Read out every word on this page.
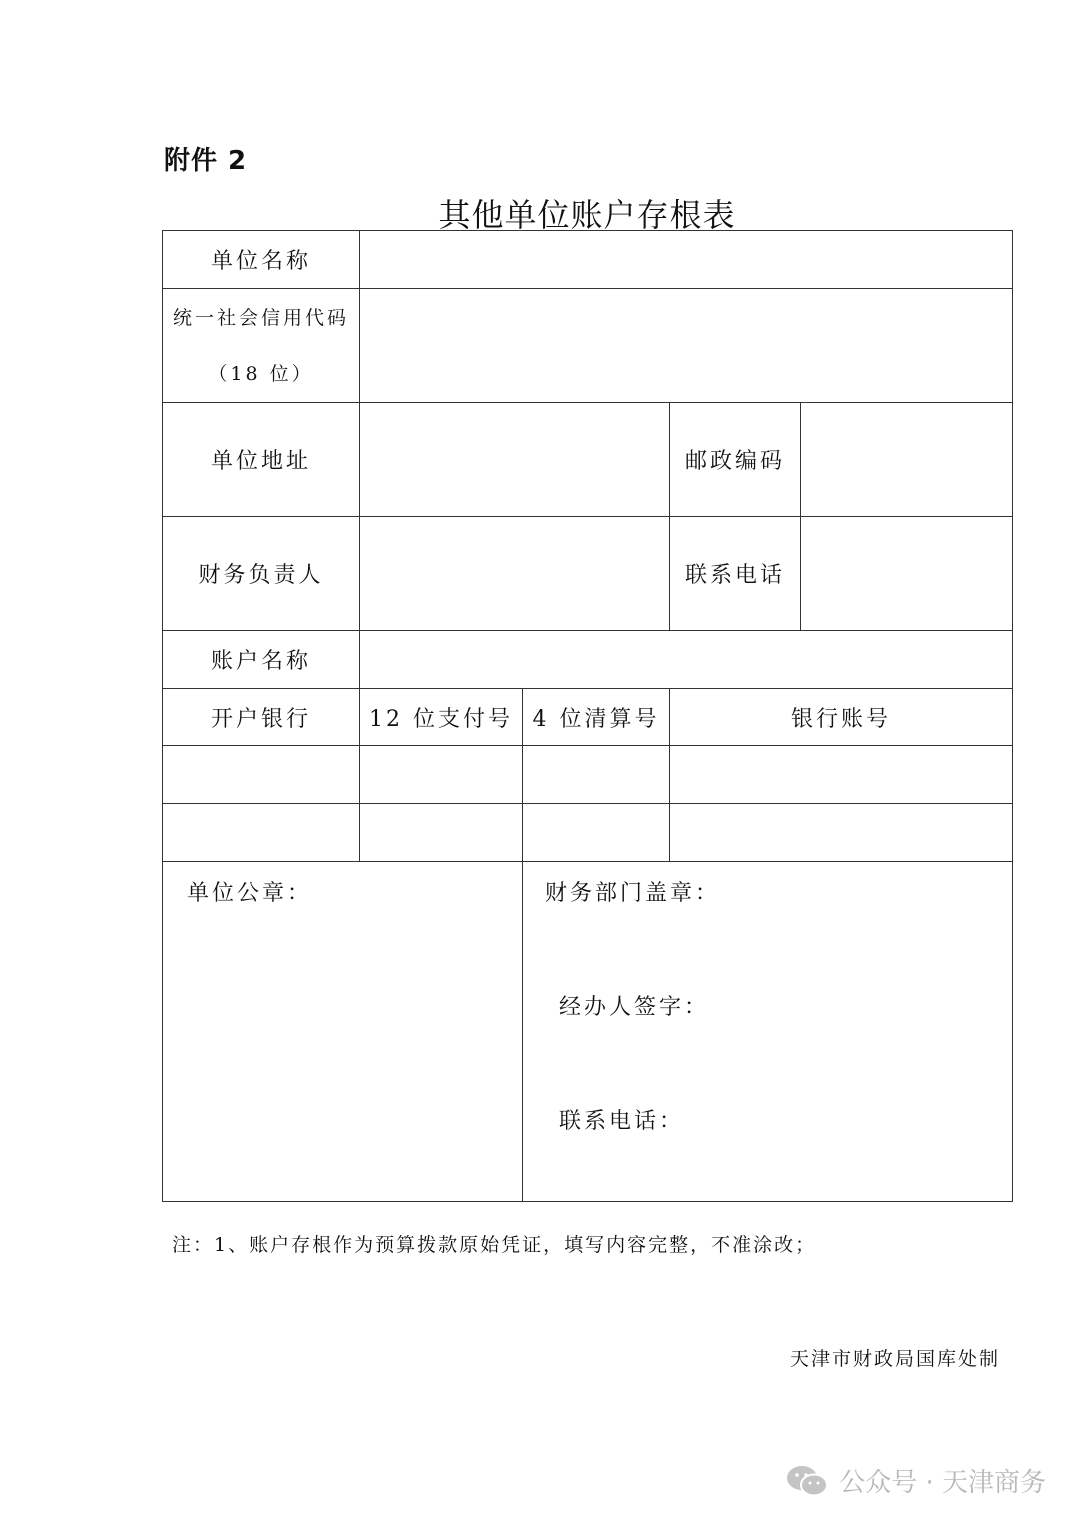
附件 2
其他单位账户存根表
单位名称				

统一社会信用代码
（18 位）				

单位地址			邮政编码	
财务负责人			联系电话	
账户名称				
开户银行	12 位支付号	4 位清算号	银行账号	

单位公章：		财务部门盖章：
经办人签字：
联系电话：		
注：1、账户存根作为预算拨款原始凭证，填写内容完整，不准涂改；
天津市财政局国库处制
公众号 · 天津商务
